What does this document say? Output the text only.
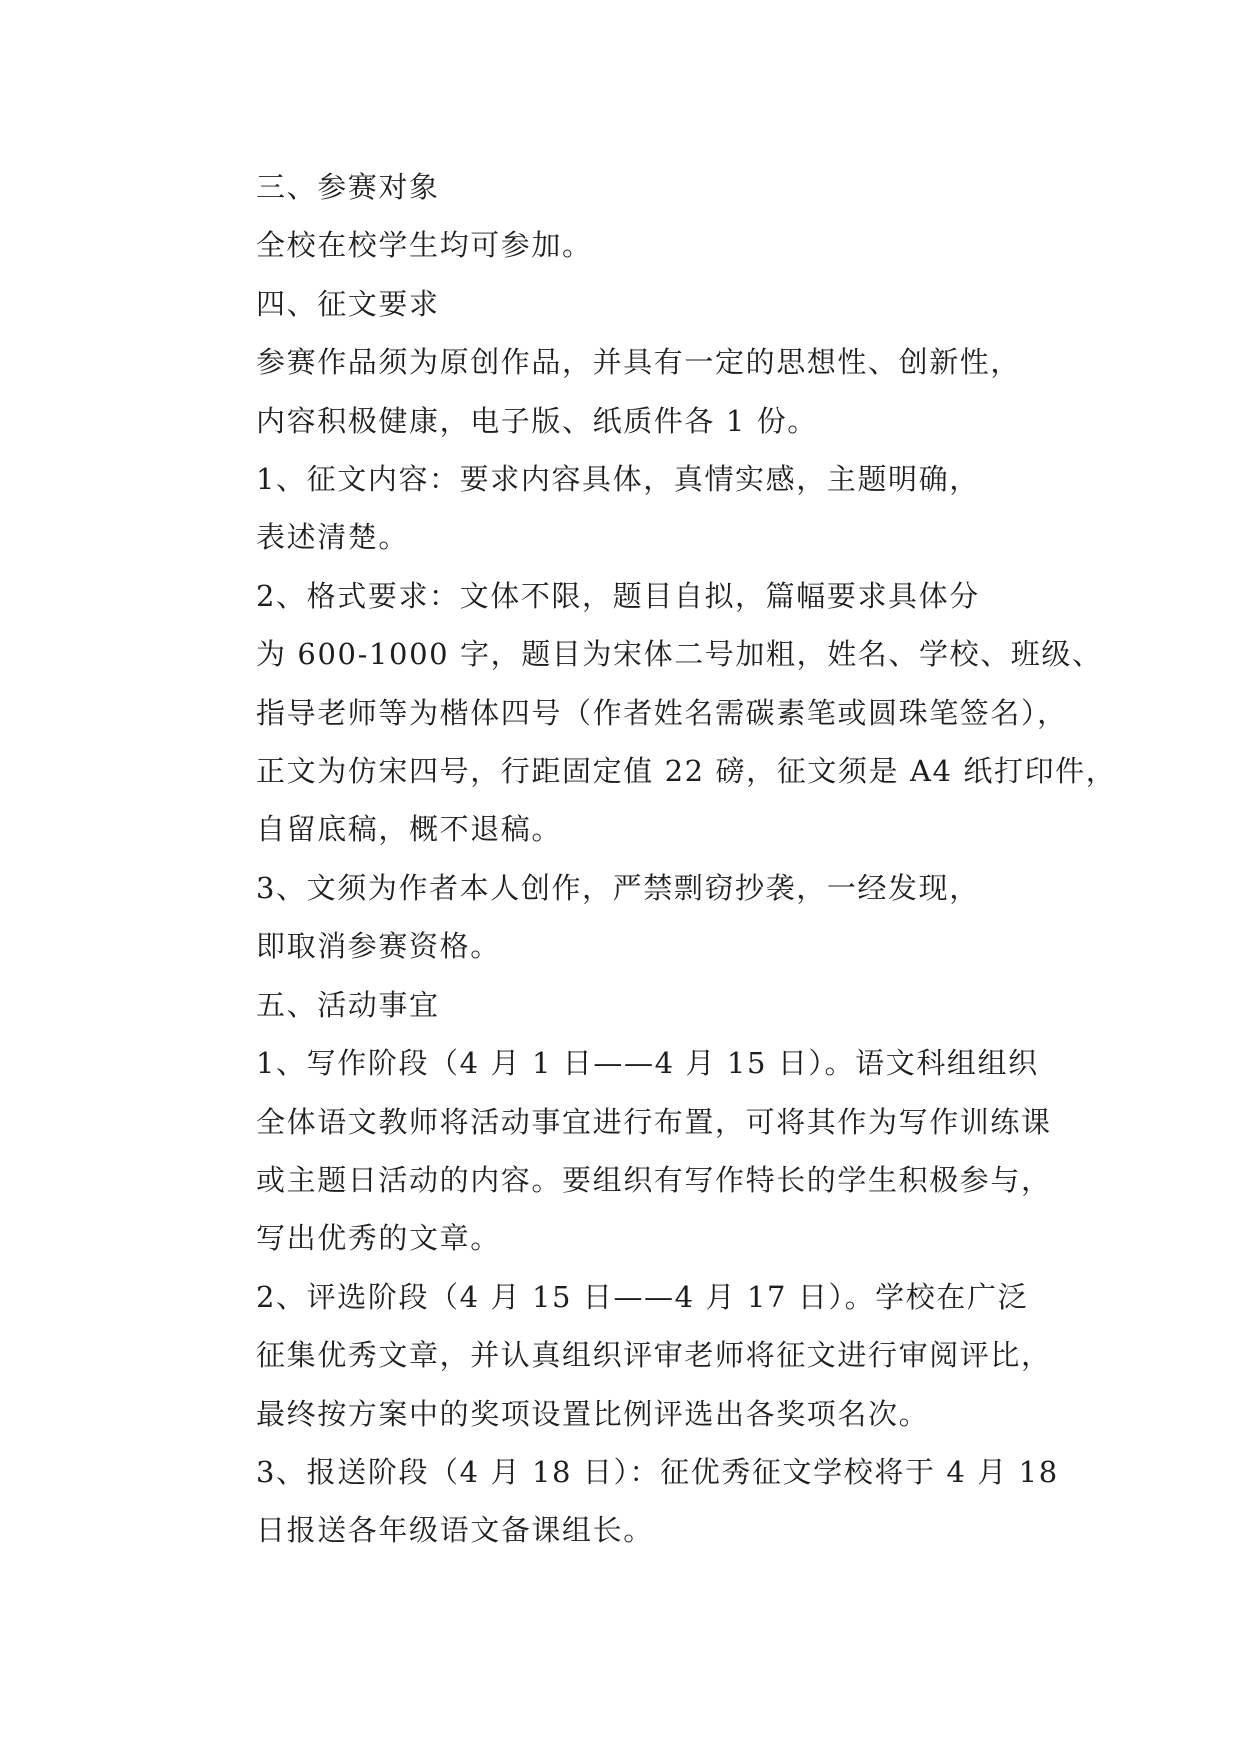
三、参赛对象
全校在校学生均可参加。
四、征文要求
参赛作品须为原创作品，并具有一定的思想性、创新性，
内容积极健康，电子版、纸质件各 1 份。
1、征文内容：要求内容具体，真情实感，主题明确，
表述清楚。
2、格式要求：文体不限，题目自拟，篇幅要求具体分
为 600-1000 字，题目为宋体二号加粗，姓名、学校、班级、
指导老师等为楷体四号（作者姓名需碳素笔或圆珠笔签名），
正文为仿宋四号，行距固定值 22 磅，征文须是 A4 纸打印件，
自留底稿，概不退稿。
3、文须为作者本人创作，严禁剽窃抄袭，一经发现，
即取消参赛资格。
五、活动事宜
1、写作阶段（4 月 1 日——4 月 15 日）。语文科组组织
全体语文教师将活动事宜进行布置，可将其作为写作训练课
或主题日活动的内容。要组织有写作特长的学生积极参与，
写出优秀的文章。
2、评选阶段（4 月 15 日——4 月 17 日）。学校在广泛
征集优秀文章，并认真组织评审老师将征文进行审阅评比，
最终按方案中的奖项设置比例评选出各奖项名次。
3、报送阶段（4 月 18 日）：征优秀征文学校将于 4 月 18
日报送各年级语文备课组长。
